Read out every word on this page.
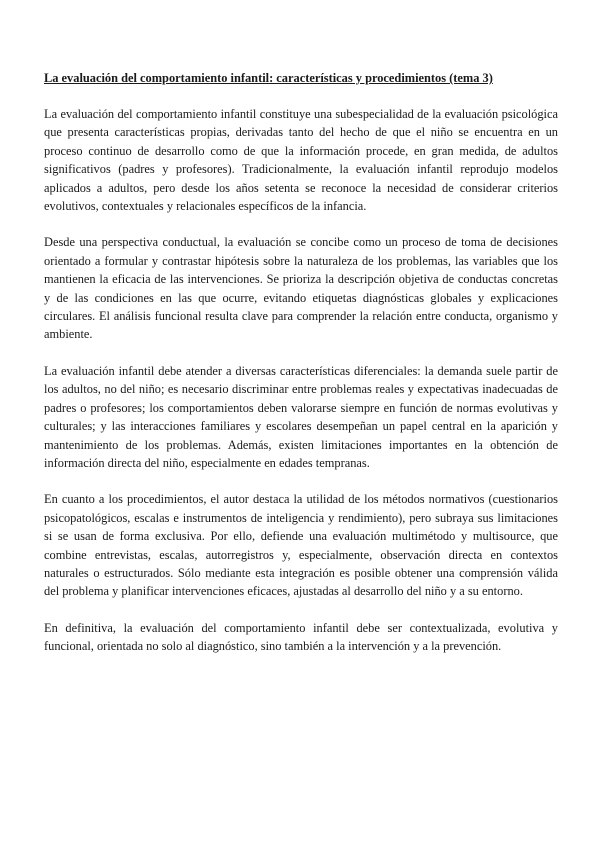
La evaluación del comportamiento infantil: características y procedimientos (tema 3)

La evaluación del comportamiento infantil constituye una subespecialidad de la evaluación psicológica que presenta características propias, derivadas tanto del hecho de que el niño se encuentra en un proceso continuo de desarrollo como de que la información procede, en gran medida, de adultos significativos (padres y profesores). Tradicionalmente, la evaluación infantil reprodujo modelos aplicados a adultos, pero desde los años setenta se reconoce la necesidad de considerar criterios evolutivos, contextuales y relacionales específicos de la infancia.

Desde una perspectiva conductual, la evaluación se concibe como un proceso de toma de decisiones orientado a formular y contrastar hipótesis sobre la naturaleza de los problemas, las variables que los mantienen la eficacia de las intervenciones. Se prioriza la descripción objetiva de conductas concretas y de las condiciones en las que ocurre, evitando etiquetas diagnósticas globales y explicaciones circulares. El análisis funcional resulta clave para comprender la relación entre conducta, organismo y ambiente.

La evaluación infantil debe atender a diversas características diferenciales: la demanda suele partir de los adultos, no del niño; es necesario discriminar entre problemas reales y expectativas inadecuadas de padres o profesores; los comportamientos deben valorarse siempre en función de normas evolutivas y culturales; y las interacciones familiares y escolares desempeñan un papel central en la aparición y mantenimiento de los problemas. Además, existen limitaciones importantes en la obtención de información directa del niño, especialmente en edades tempranas.

En cuanto a los procedimientos, el autor destaca la utilidad de los métodos normativos (cuestionarios psicopatológicos, escalas e instrumentos de inteligencia y rendimiento), pero subraya sus limitaciones si se usan de forma exclusiva. Por ello, defiende una evaluación multimétodo y multisource, que combine entrevistas, escalas, autorregistros y, especialmente, observación directa en contextos naturales o estructurados. Sólo mediante esta integración es posible obtener una comprensión válida del problema y planificar intervenciones eficaces, ajustadas al desarrollo del niño y a su entorno.

En definitiva, la evaluación del comportamiento infantil debe ser contextualizada, evolutiva y funcional, orientada no solo al diagnóstico, sino también a la intervención y a la prevención.
